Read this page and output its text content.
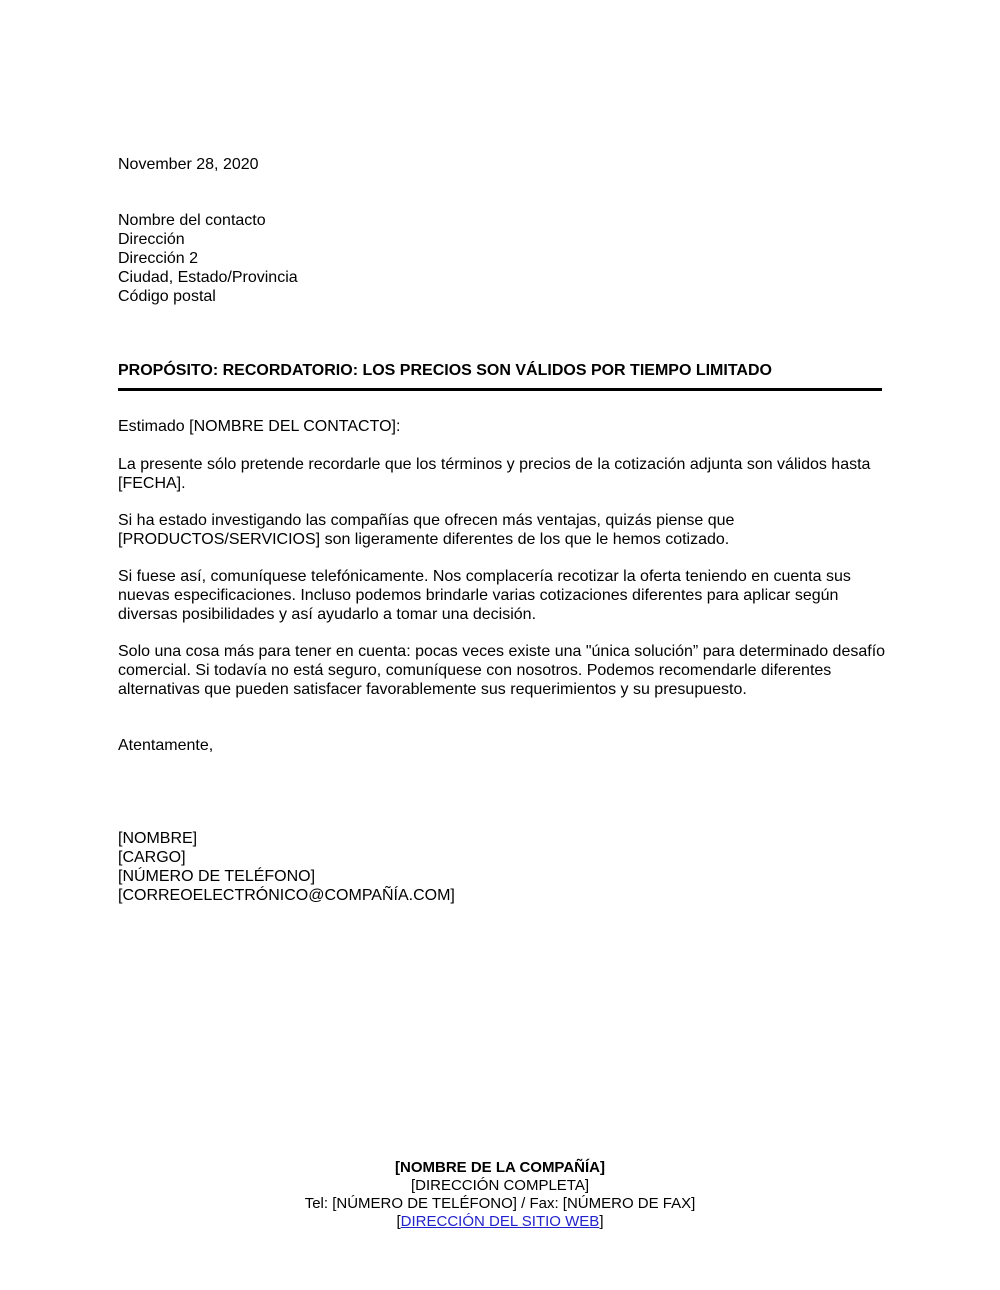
November 28, 2020
Nombre del contacto
Dirección
Dirección 2
Ciudad, Estado/Provincia
Código postal
PROPÓSITO: RECORDATORIO: LOS PRECIOS SON VÁLIDOS POR TIEMPO LIMITADO
Estimado [NOMBRE DEL CONTACTO]:
La presente sólo pretende recordarle que los términos y precios de la cotización adjunta son válidos hasta [FECHA].
Si ha estado investigando las compañías que ofrecen más ventajas, quizás piense que [PRODUCTOS/SERVICIOS] son ligeramente diferentes de los que le hemos cotizado.
Si fuese así, comuníquese telefónicamente. Nos complacería recotizar la oferta teniendo en cuenta sus nuevas especificaciones. Incluso podemos brindarle varias cotizaciones diferentes para aplicar según diversas posibilidades y así ayudarlo a tomar una decisión.
Solo una cosa más para tener en cuenta: pocas veces existe una "única solución” para determinado desafío comercial. Si todavía no está seguro, comuníquese con nosotros. Podemos recomendarle diferentes alternativas que pueden satisfacer favorablemente sus requerimientos y su presupuesto.
Atentamente,
[NOMBRE]
[CARGO]
[NÚMERO DE TELÉFONO]
[CORREOELECTRÓNICO@COMPAÑÍA.COM]
[NOMBRE DE LA COMPAÑÍA]
[DIRECCIÓN COMPLETA]
Tel: [NÚMERO DE TELÉFONO] / Fax: [NÚMERO DE FAX]
[DIRECCIÓN DEL SITIO WEB]
